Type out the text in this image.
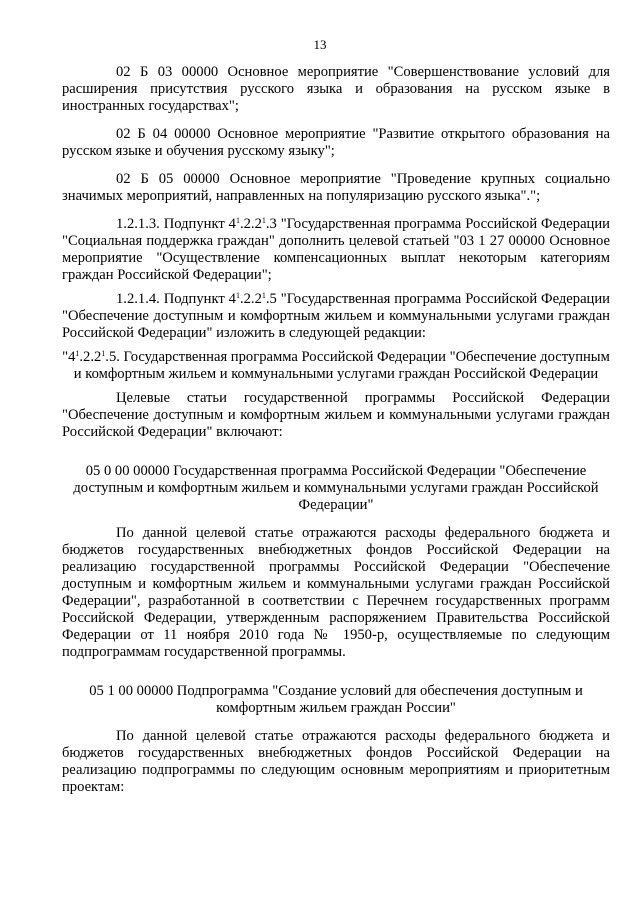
13

02 Б 03 00000 Основное мероприятие "Совершенствование условий для расширения присутствия русского языка и образования на русском языке в иностранных государствах";

02 Б 04 00000 Основное мероприятие "Развитие открытого образования на русском языке и обучения русскому языку";

02 Б 05 00000 Основное мероприятие "Проведение крупных социально значимых мероприятий, направленных на популяризацию русского языка".";

1.2.1.3. Подпункт $4^1.2.2^1.3$ "Государственная программа Российской Федерации "Социальная поддержка граждан" дополнить целевой статьей "03 1 27 00000 Основное мероприятие "Осуществление компенсационных выплат некоторым категориям граждан Российской Федерации";

1.2.1.4. Подпункт $4^1.2.2^1.5$ "Государственная программа Российской Федерации "Обеспечение доступным и комфортным жильем и коммунальными услугами граждан Российской Федерации" изложить в следующей редакции:

"$4^1.2.2^1.5$. Государственная программа Российской Федерации "Обеспечение доступным и комфортным жильем и коммунальными услугами граждан Российской Федерации

Целевые статьи государственной программы Российской Федерации "Обеспечение доступным и комфортным жильем и коммунальными услугами граждан Российской Федерации" включают:

05 0 00 00000 Государственная программа Российской Федерации "Обеспечение доступным и комфортным жильем и коммунальными услугами граждан Российской Федерации"

По данной целевой статье отражаются расходы федерального бюджета и бюджетов государственных внебюджетных фондов Российской Федерации на реализацию государственной программы Российской Федерации "Обеспечение доступным и комфортным жильем и коммунальными услугами граждан Российской Федерации", разработанной в соответствии с Перечнем государственных программ Российской Федерации, утвержденным распоряжением Правительства Российской Федерации от 11 ноября 2010 года № 1950-р, осуществляемые по следующим подпрограммам государственной программы.

05 1 00 00000 Подпрограмма "Создание условий для обеспечения доступным и комфортным жильем граждан России"

По данной целевой статье отражаются расходы федерального бюджета и бюджетов государственных внебюджетных фондов Российской Федерации на реализацию подпрограммы по следующим основным мероприятиям и приоритетным проектам:
